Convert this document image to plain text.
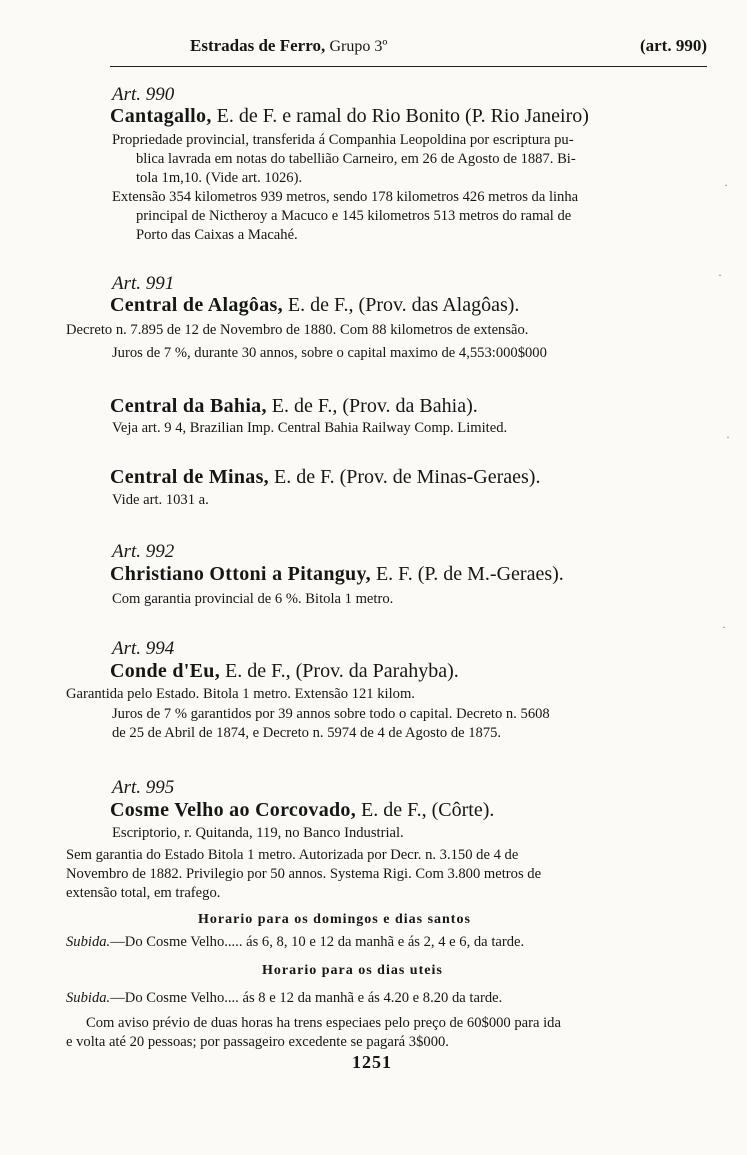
Estradas de Ferro, Grupo 3º	(art. 990)
Art. 990
Cantagallo, E. de F. e ramal do Rio Bonito (P. Rio Janeiro)
Propriedade provincial, transferida á Companhia Leopoldina por escriptura pu-
blica lavrada em notas do tabellião Carneiro, em 26 de Agosto de 1887. Bi-
tola 1m,10. (Vide art. 1026).
Extensão 354 kilometros 939 metros, sendo 178 kilometros 426 metros da linha
principal de Nictheroy a Macuco e 145 kilometros 513 metros do ramal de
Porto das Caixas a Macahé.
Art. 991
Central de Alagôas, E. de F., (Prov. das Alagôas).
Decreto n. 7.895 de 12 de Novembro de 1880. Com 88 kilometros de extensão.
Juros de 7 %, durante 30 annos, sobre o capital maximo de 4,553:000$000
Central da Bahia, E. de F., (Prov. da Bahia).
Veja art. 9 4, Brazilian Imp. Central Bahia Railway Comp. Limited.
Central de Minas, E. de F. (Prov. de Minas-Geraes).
Vide art. 1031 a.
Art. 992
Christiano Ottoni a Pitanguy, E. F. (P. de M.-Geraes).
Com garantia provincial de 6 %. Bitola 1 metro.
Art. 994
Conde d'Eu, E. de F., (Prov. da Parahyba).
Garantida pelo Estado. Bitola 1 metro. Extensão 121 kilom.
Juros de 7 % garantidos por 39 annos sobre todo o capital. Decreto n. 5608
de 25 de Abril de 1874, e Decreto n. 5974 de 4 de Agosto de 1875.
Art. 995
Cosme Velho ao Corcovado, E. de F., (Côrte).
Escriptorio, r. Quitanda, 119, no Banco Industrial.
Sem garantia do Estado Bitola 1 metro. Autorizada por Decr. n. 3.150 de 4 de
Novembro de 1882. Privilegio por 50 annos. Systema Rigi. Com 3.800 metros de
extensão total, em trafego.
Horario para os domingos e dias santos
Subida.—Do Cosme Velho..... ás 6, 8, 10 e 12 da manhã e ás 2, 4 e 6, da tarde.
Horario para os dias uteis
Subida.—Do Cosme Velho.... ás 8 e 12 da manhã e ás 4.20 e 8.20 da tarde.
Com aviso prévio de duas horas ha trens especiaes pelo preço de 60$000 para ida
e volta até 20 pessoas; por passageiro excedente se pagará 3$000.
1251
·
·
·
·
